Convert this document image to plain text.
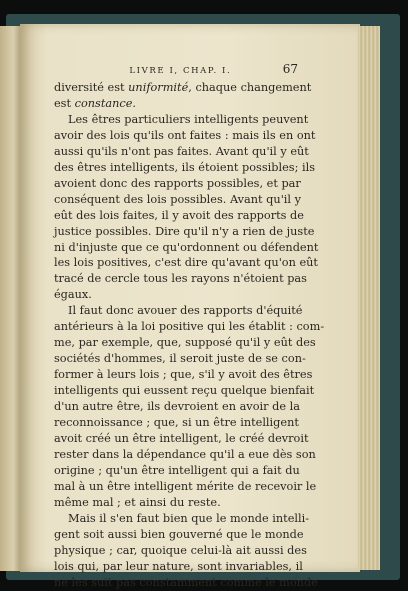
LIVRE I, CHAP. I.	67
diversité est uniformité, chaque changement
est constance.
Les êtres particuliers intelligents peuvent
avoir des lois qu'ils ont faites : mais ils en ont
aussi qu'ils n'ont pas faites. Avant qu'il y eût
des êtres intelligents, ils étoient possibles; ils
avoient donc des rapports possibles, et par
conséquent des lois possibles. Avant qu'il y
eût des lois faites, il y avoit des rapports de
justice possibles. Dire qu'il n'y a rien de juste
ni d'injuste que ce qu'ordonnent ou défendent
les lois positives, c'est dire qu'avant qu'on eût
tracé de cercle tous les rayons n'étoient pas
égaux.
Il faut donc avouer des rapports d'équité
antérieurs à la loi positive qui les établit : com-
me, par exemple, que, supposé qu'il y eût des
sociétés d'hommes, il seroit juste de se con-
former à leurs lois ; que, s'il y avoit des êtres
intelligents qui eussent reçu quelque bienfait
d'un autre être, ils devroient en avoir de la
reconnoissance ; que, si un être intelligent
avoit créé un être intelligent, le créé devroit
rester dans la dépendance qu'il a eue dès son
origine ; qu'un être intelligent qui a fait du
mal à un être intelligent mérite de recevoir le
même mal ; et ainsi du reste.
Mais il s'en faut bien que le monde intelli-
gent soit aussi bien gouverné que le monde
physique ; car, quoique celui-là ait aussi des
lois qui, par leur nature, sont invariables, il
ne les suit pas constamment comme le monde
